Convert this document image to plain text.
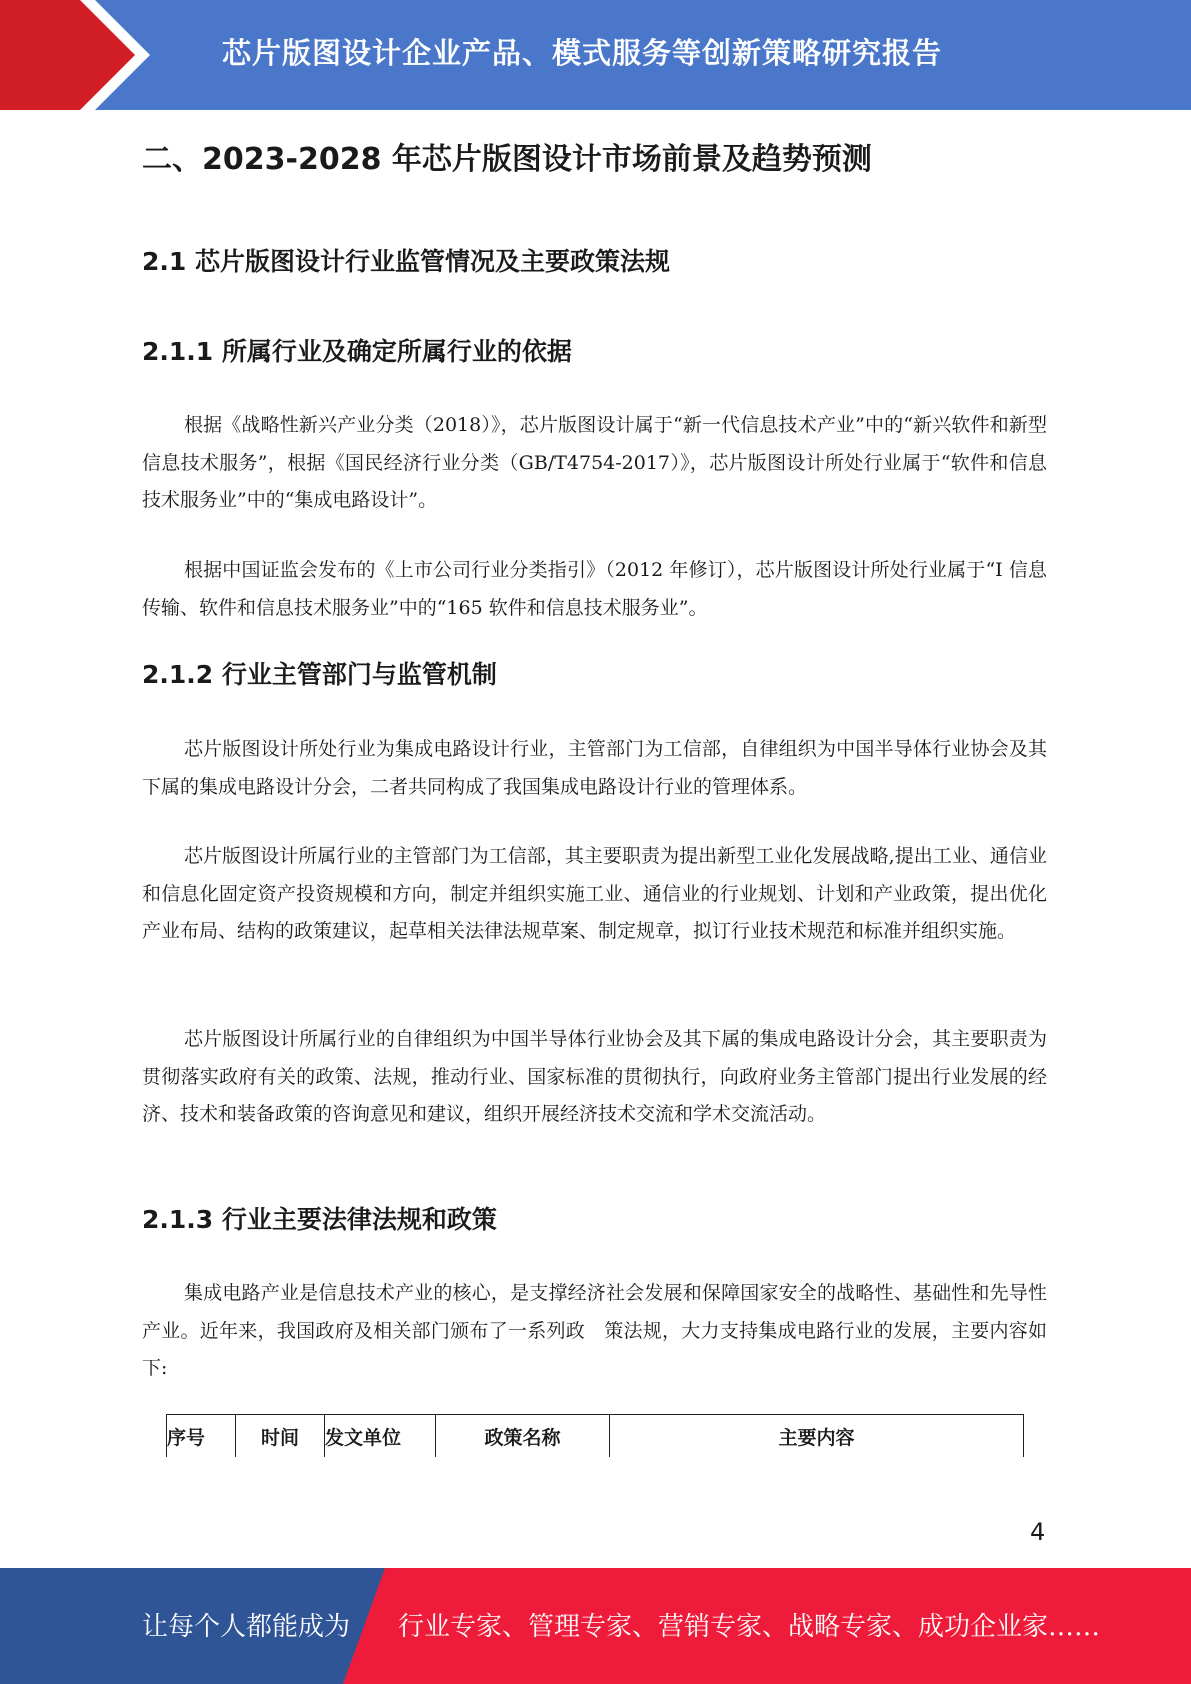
芯片版图设计企业产品、模式服务等创新策略研究报告
二、2023-2028 年芯片版图设计市场前景及趋势预测
2.1 芯片版图设计行业监管情况及主要政策法规
2.1.1 所属行业及确定所属行业的依据

根据《战略性新兴产业分类（2018）》，芯片版图设计属于“新一代信息技术产业”中的“新兴软件和新型信息技术服务”，根据《国民经济行业分类（GB/T4754-2017）》，芯片版图设计所处行业属于“软件和信息技术服务业”中的“集成电路设计”。

根据中国证监会发布的《上市公司行业分类指引》（2012 年修订），芯片版图设计所处行业属于“I 信息传输、软件和信息技术服务业”中的“165 软件和信息技术服务业”。

2.1.2 行业主管部门与监管机制

芯片版图设计所处行业为集成电路设计行业，主管部门为工信部，自律组织为中国半导体行业协会及其下属的集成电路设计分会，二者共同构成了我国集成电路设计行业的管理体系。

芯片版图设计所属行业的主管部门为工信部，其主要职责为提出新型工业化发展战略,提出工业、通信业和信息化固定资产投资规模和方向，制定并组织实施工业、通信业的行业规划、计划和产业政策，提出优化产业布局、结构的政策建议，起草相关法律法规草案、制定规章，拟订行业技术规范和标准并组织实施。

芯片版图设计所属行业的自律组织为中国半导体行业协会及其下属的集成电路设计分会，其主要职责为贯彻落实政府有关的政策、法规，推动行业、国家标准的贯彻执行，向政府业务主管部门提出行业发展的经济、技术和装备政策的咨询意见和建议，组织开展经济技术交流和学术交流活动。

2.1.3 行业主要法律法规和政策

集成电路产业是信息技术产业的核心，是支撑经济社会发展和保障国家安全的战略性、基础性和先导性产业。近年来，我国政府及相关部门颁布了一系列政　策法规，大力支持集成电路行业的发展，主要内容如下:

序号	时间	发文单位	政策名称	主要内容
4
让每个人都能成为 行业专家、管理专家、营销专家、战略专家、成功企业家……
